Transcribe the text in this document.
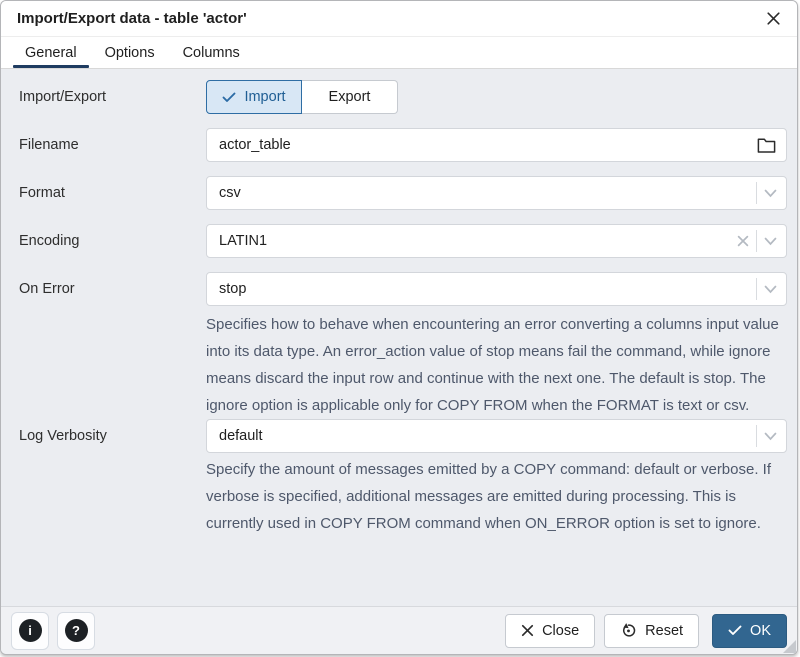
Import/Export data - table 'actor'
General	Options	Columns
Import/Export	Import	Export
Filename	actor_table
Format	csv
Encoding	LATIN1
On Error	stop

Specifies how to behave when encountering an error converting a columns input value into its data type. An error_action value of stop means fail the command, while ignore means discard the input row and continue with the next one. The default is stop. The ignore option is applicable only for COPY FROM when the FORMAT is text or csv.

Log Verbosity	default

Specify the amount of messages emitted by a COPY command: default or verbose. If verbose is specified, additional messages are emitted during processing. This is currently used in COPY FROM command when ON_ERROR option is set to ignore.

i	?	Close	Reset	OK
